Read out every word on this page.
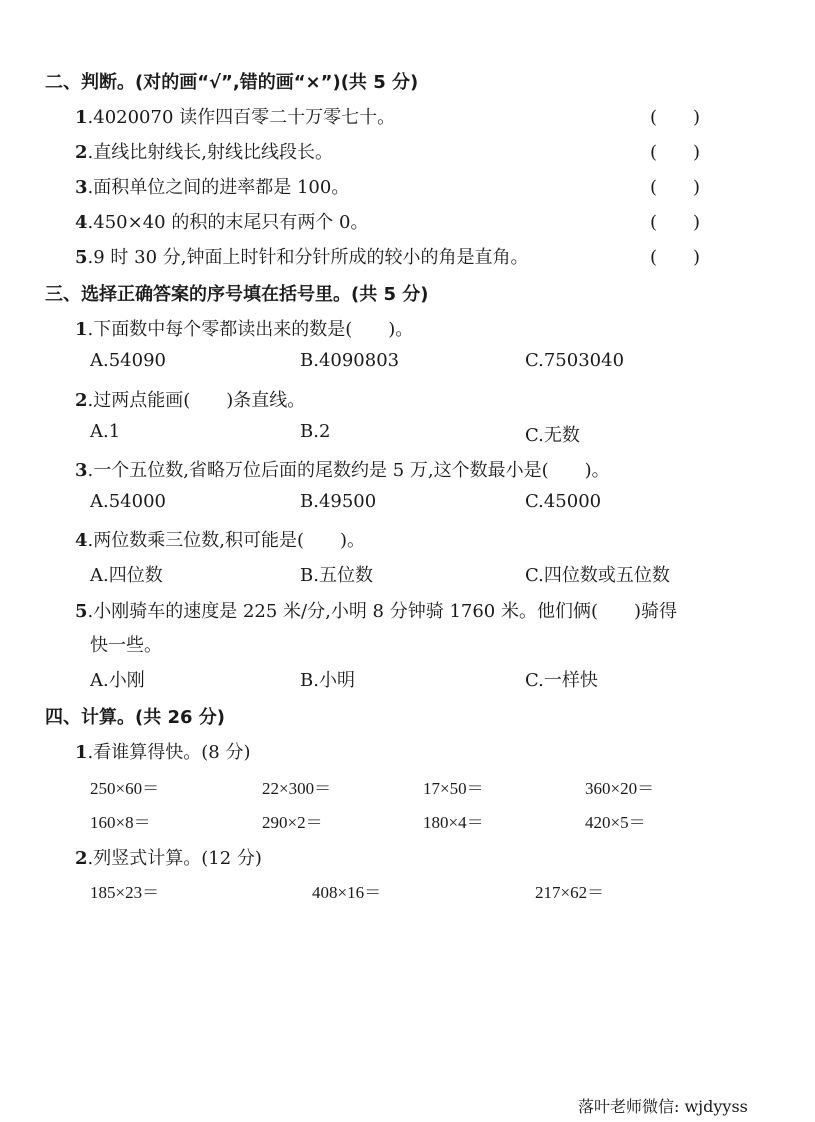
二、判断。(对的画“√”,错的画“×”)(共 5 分)
1.4020070 读作四百零二十万零七十。	(　　)
2.直线比射线长,射线比线段长。	(　　)
3.面积单位之间的进率都是 100。	(　　)
4.450×40 的积的末尾只有两个 0。	(　　)
5.9 时 30 分,钟面上时针和分针所成的较小的角是直角。	(　　)
三、选择正确答案的序号填在括号里。(共 5 分)
1.下面数中每个零都读出来的数是(　　)。
A.54090	B.4090803	C.7503040
2.过两点能画(　　)条直线。
A.1	B.2	C.无数
3.一个五位数,省略万位后面的尾数约是 5 万,这个数最小是(　　)。
A.54000	B.49500	C.45000
4.两位数乘三位数,积可能是(　　)。
A.四位数	B.五位数	C.四位数或五位数
5.小刚骑车的速度是 225 米/分,小明 8 分钟骑 1760 米。他们俩(　　)骑得
快一些。
A.小刚	B.小明	C.一样快
四、计算。(共 26 分)
1.看谁算得快。(8 分)
250×60＝	22×300＝	17×50＝	360×20＝
160×8＝	290×2＝	180×4＝	420×5＝
2.列竖式计算。(12 分)
185×23＝	408×16＝	217×62＝
落叶老师微信: wjdyyss
